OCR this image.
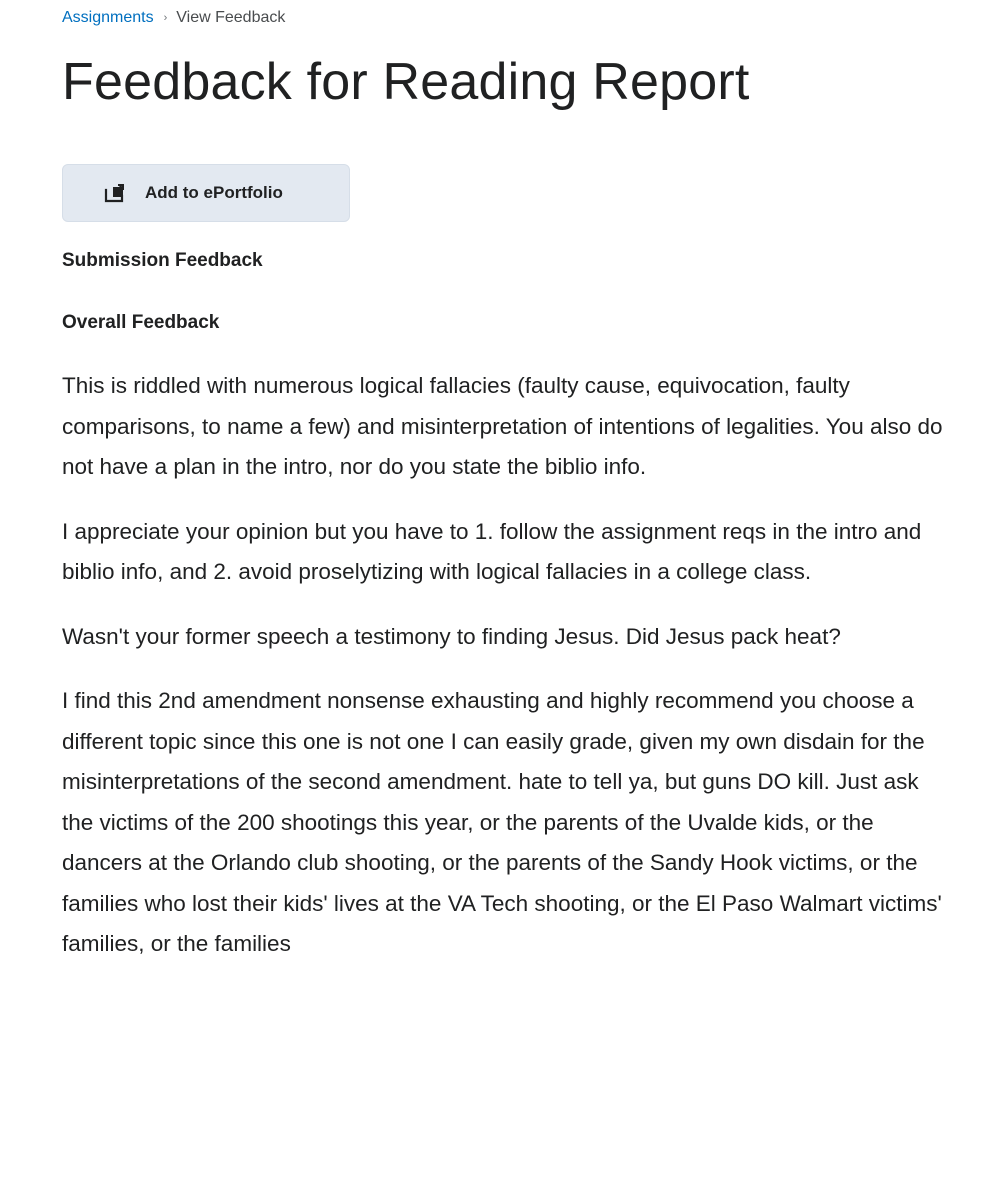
Assignments › View Feedback
Feedback for Reading Report
Add to ePortfolio
Submission Feedback
Overall Feedback

This is riddled with numerous logical fallacies (faulty cause, equivocation, faulty comparisons, to name a few) and misinterpretation of intentions of legalities. You also do not have a plan in the intro, nor do you state the biblio info.

I appreciate your opinion but you have to 1. follow the assignment reqs in the intro and biblio info, and 2. avoid proselytizing with logical fallacies in a college class.

Wasn't your former speech a testimony to finding Jesus. Did Jesus pack heat?

I find this 2nd amendment nonsense exhausting and highly recommend you choose a different topic since this one is not one I can easily grade, given my own disdain for the misinterpretations of the second amendment. hate to tell ya, but guns DO kill. Just ask the victims of the 200 shootings this year, or the parents of the Uvalde kids, or the dancers at the Orlando club shooting, or the parents of the Sandy Hook victims, or the families who lost their kids' lives at the VA Tech shooting, or the El Paso Walmart victims' families, or the families
